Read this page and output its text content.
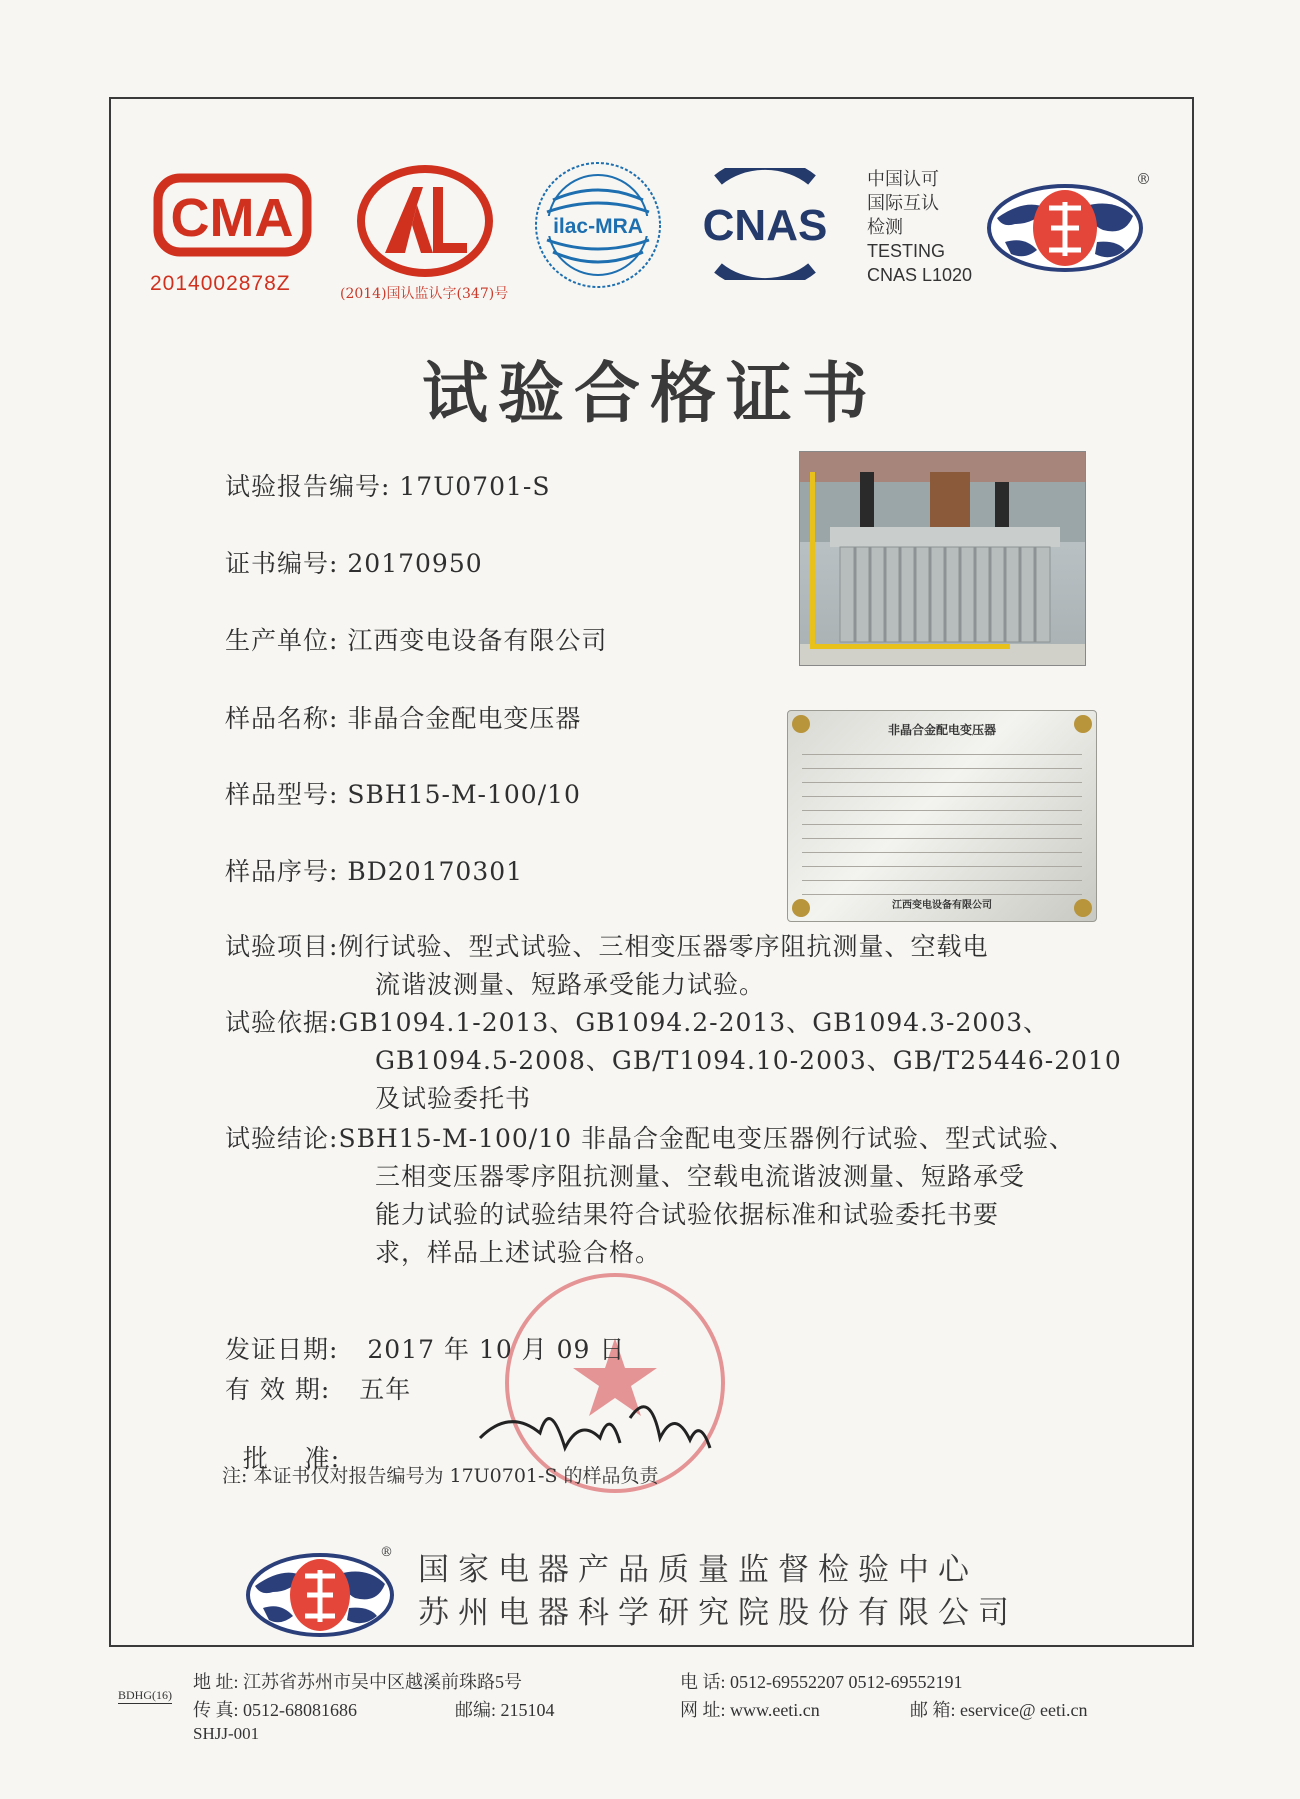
CMA
2014002878Z	(2014)国认监认字(347)号
ilac-MRA CNAS
中国认可
国际互认
检测
TESTING
CNAS L1020
®
试验合格证书
试验报告编号: 17U0701-S
证书编号: 20170950
生产单位: 江西变电设备有限公司
样品名称: 非晶合金配电变压器
样品型号: SBH15-M-100/10
样品序号: BD20170301
非晶合金配电变压器
江西变电设备有限公司
试验项目:例行试验、型式试验、三相变压器零序阻抗测量、空载电
流谐波测量、短路承受能力试验。
试验依据:GB1094.1-2013、GB1094.2-2013、GB1094.3-2003、
GB1094.5-2008、GB/T1094.10-2003、GB/T25446-2010
及试验委托书
试验结论:SBH15-M-100/10 非晶合金配电变压器例行试验、型式试验、
三相变压器零序阻抗测量、空载电流谐波测量、短路承受
能力试验的试验结果符合试验依据标准和试验委托书要
求，样品上述试验合格。
发证日期: 2017 年 10 月 09 日
有 效 期: 五年

批    准:

注: 本证书仅对报告编号为 17U0701-S 的样品负责
® 国家电器产品质量监督检验中心
苏州电器科学研究院股份有限公司
BDHG(16)
地 址: 江苏省苏州市吴中区越溪前珠路5号	电 话: 0512-69552207 0512-69552191
传 真: 0512-68081686	邮编: 215104	网 址: www.eeti.cn	邮 箱: eservice@ eeti.cn
SHJJ-001
